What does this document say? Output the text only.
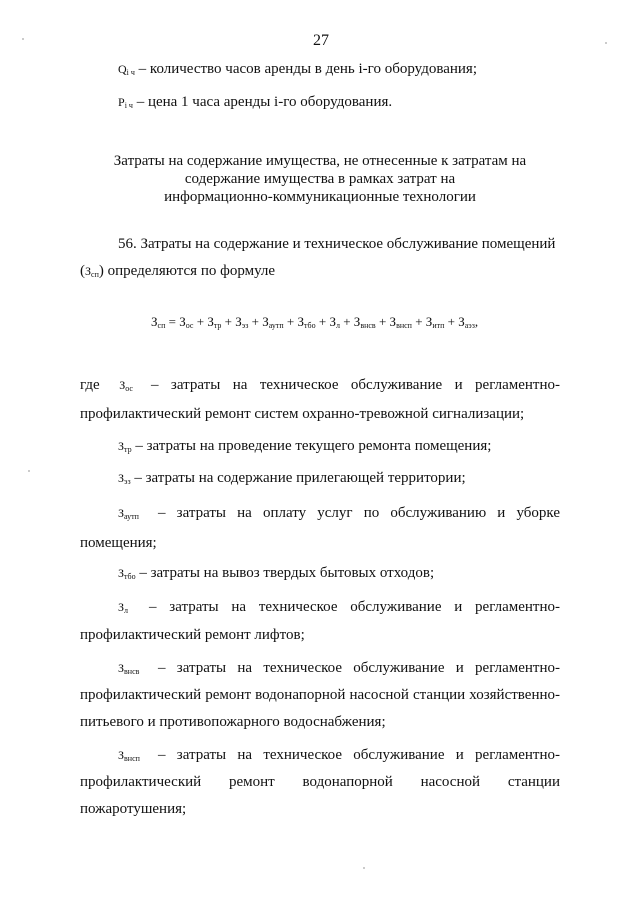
27
$Q_{i ч}$ – количество часов аренды в день i-го оборудования;
$P_{i ч}$ – цена 1 часа аренды i-го оборудования.
Затраты на содержание имущества, не отнесенные к затратам на
содержание имущества в рамках затрат на
информационно-коммуникационные технологии
56. Затраты на содержание и техническое обслуживание помещений
$(З_{сп})$ определяются по формуле
$З_{сп} = З_{ос} + З_{тр} + З_{эз} + З_{аутп} + З_{тбо} + З_л + З_{внсв} + З_{внсп} + З_{итп} + З_{аэз}$,
где $З_{ос}$	– затраты на техническое обслуживание и регламентно-
профилактический ремонт систем охранно-тревожной сигнализации;
$З_{тр}$ – затраты на проведение текущего ремонта помещения;
$З_{эз}$ – затраты на содержание прилегающей территории;
$З_{аутп}$ – затраты на оплату услуг по обслуживанию и уборке
помещения;
$З_{тбо}$ – затраты на вывоз твердых бытовых отходов;
$З_л$ – затраты на техническое обслуживание и регламентно-
профилактический ремонт лифтов;
$З_{внсв}$ – затраты на техническое обслуживание и регламентно-
профилактический ремонт водонапорной насосной станции хозяйственно-
питьевого и противопожарного водоснабжения;
$З_{внсп}$ – затраты на техническое обслуживание и регламентно-
профилактический ремонт водонапорной насосной станции
пожаротушения;
